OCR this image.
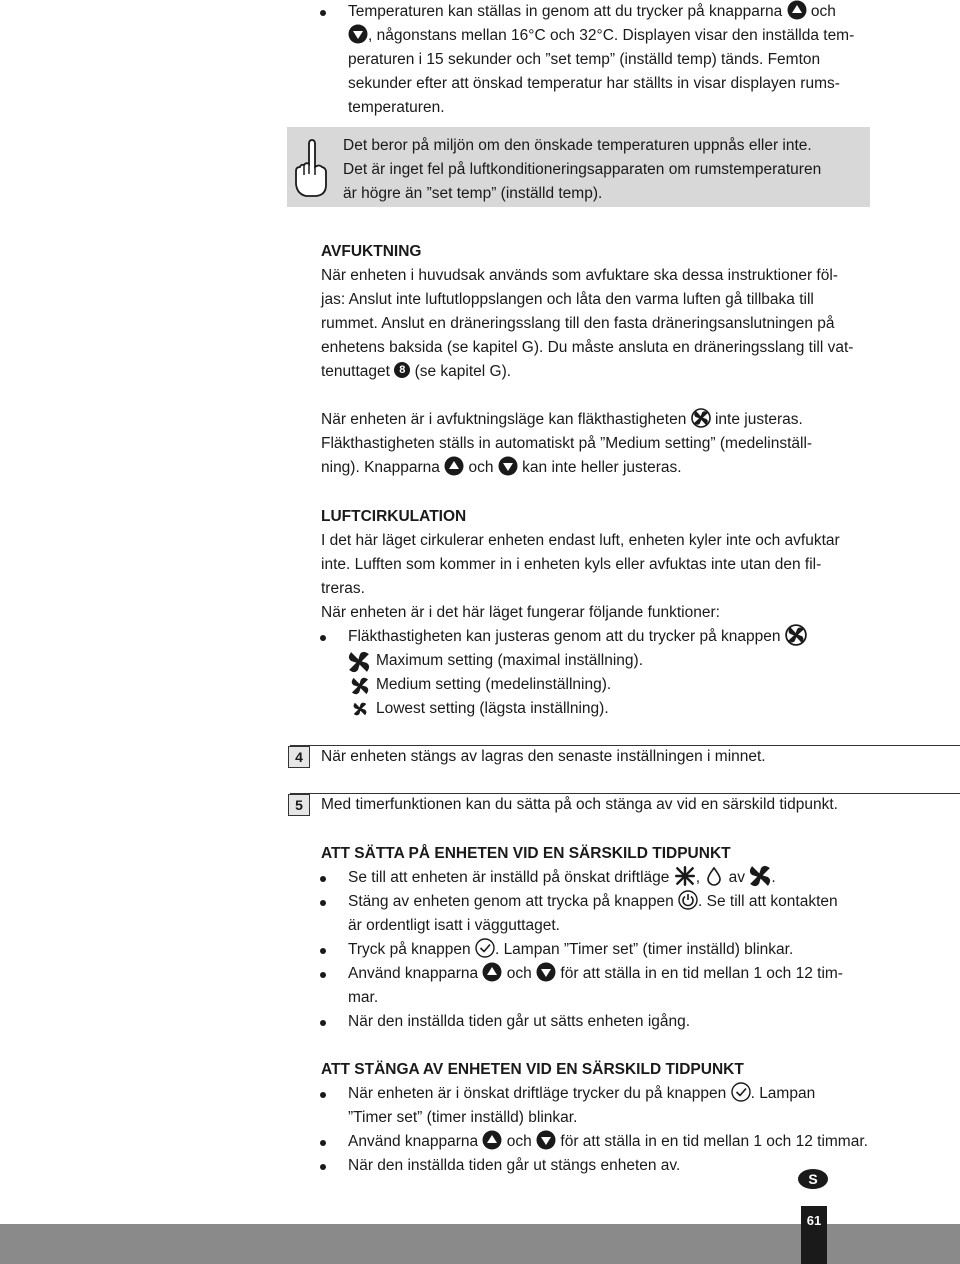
Temperaturen kan ställas in genom att du trycker på knapparna och
, någonstans mellan 16°C och 32°C. Displayen visar den inställda tem-
peraturen i 15 sekunder och ”set temp” (inställd temp) tänds. Femton
sekunder efter att önskad temperatur har ställts in visar displayen rums-
temperaturen.
Det beror på miljön om den önskade temperaturen uppnås eller inte.
Det är inget fel på luftkonditioneringsapparaten om rumstemperaturen
är högre än ”set temp” (inställd temp).
AVFUKTNING
När enheten i huvudsak används som avfuktare ska dessa instruktioner föl-
jas: Anslut inte luftutloppslangen och låta den varma luften gå tillbaka till
rummet. Anslut en dräneringsslang till den fasta dräneringsanslutningen på
enhetens baksida (se kapitel G). Du måste ansluta en dräneringsslang till vat-
tenuttaget 8 (se kapitel G).
När enheten är i avfuktningsläge kan fläkthastigheten inte justeras.
Fläkthastigheten ställs in automatiskt på ”Medium setting” (medelinställ-
ning). Knapparna och kan inte heller justeras.
LUFTCIRKULATION
I det här läget cirkulerar enheten endast luft, enheten kyler inte och avfuktar
inte. Lufften som kommer in i enheten kyls eller avfuktas inte utan den fil-
treras.
När enheten är i det här läget fungerar följande funktioner:
Fläkthastigheten kan justeras genom att du trycker på knappen
Maximum setting (maximal inställning).
Medium setting (medelinställning).
Lowest setting (lägsta inställning).
4	När enheten stängs av lagras den senaste inställningen i minnet.
5	Med timerfunktionen kan du sätta på och stänga av vid en särskild tidpunkt.
ATT SÄTTA PÅ ENHETEN VID EN SÄRSKILD TIDPUNKT
Se till att enheten är inställd på önskat driftläge , av .
Stäng av enheten genom att trycka på knappen . Se till att kontakten
är ordentligt isatt i vägguttaget.
Tryck på knappen . Lampan ”Timer set” (timer inställd) blinkar.
Använd knapparna och för att ställa in en tid mellan 1 och 12 tim-
mar.
När den inställda tiden går ut sätts enheten igång.
ATT STÄNGA AV ENHETEN VID EN SÄRSKILD TIDPUNKT
När enheten är i önskat driftläge trycker du på knappen . Lampan
”Timer set” (timer inställd) blinkar.
Använd knapparna och för att ställa in en tid mellan 1 och 12 timmar.
När den inställda tiden går ut stängs enheten av.
S
61
